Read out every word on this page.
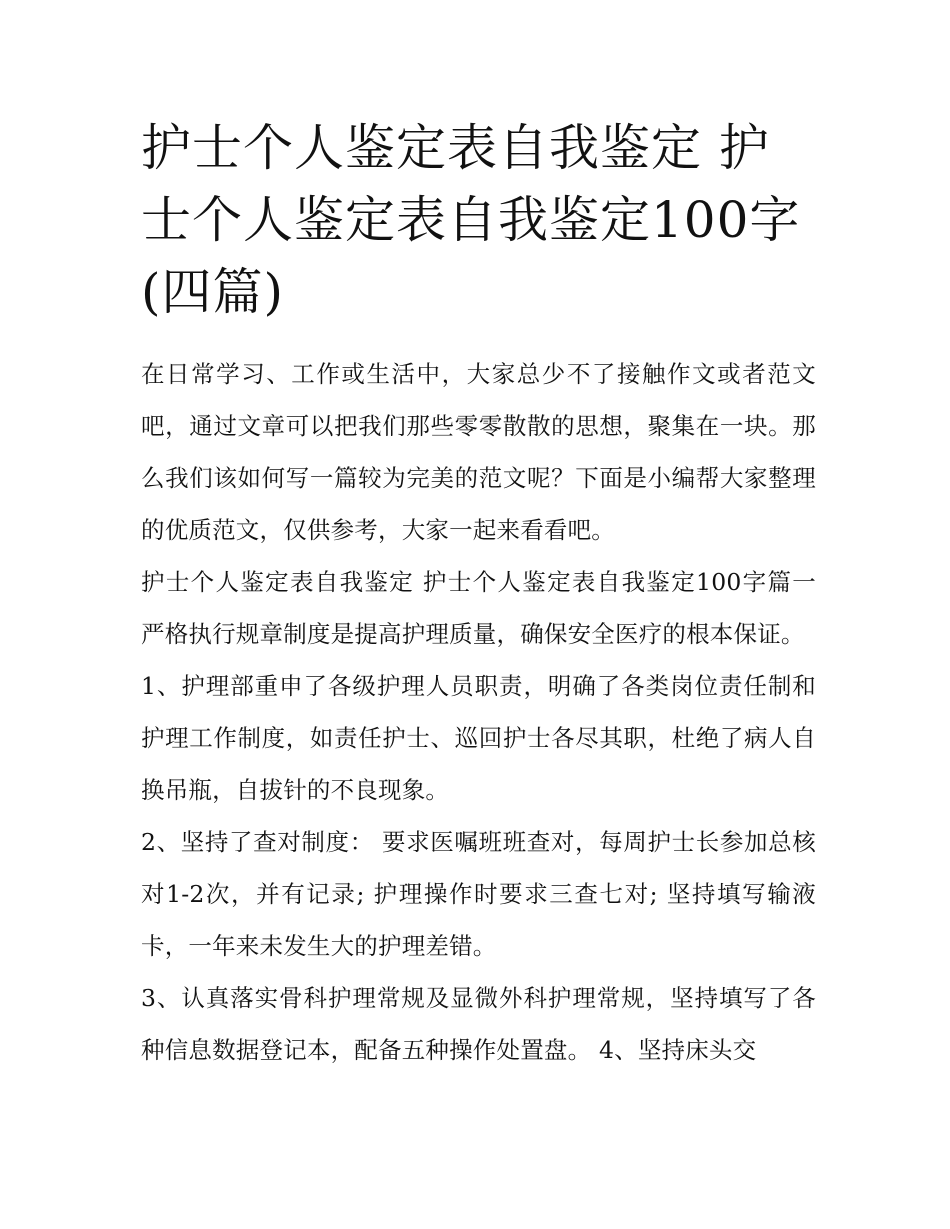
护士个人鉴定表自我鉴定 护士个人鉴定表自我鉴定100字(四篇)

在日常学习、工作或生活中，大家总少不了接触作文或者范文吧，通过文章可以把我们那些零零散散的思想，聚集在一块。那么我们该如何写一篇较为完美的范文呢？下面是小编帮大家整理的优质范文，仅供参考，大家一起来看看吧。

护士个人鉴定表自我鉴定 护士个人鉴定表自我鉴定100字篇一 严格执行规章制度是提高护理质量，确保安全医疗的根本保证。

1、护理部重申了各级护理人员职责，明确了各类岗位责任制和护理工作制度，如责任护士、巡回护士各尽其职，杜绝了病人自换吊瓶，自拔针的不良现象。

2、坚持了查对制度： 要求医嘱班班查对，每周护士长参加总核对1-2次，并有记录; 护理操作时要求三查七对; 坚持填写输液卡，一年来未发生大的护理差错。

3、认真落实骨科护理常规及显微外科护理常规，坚持填写了各种信息数据登记本，配备五种操作处置盘。 4、坚持床头交
